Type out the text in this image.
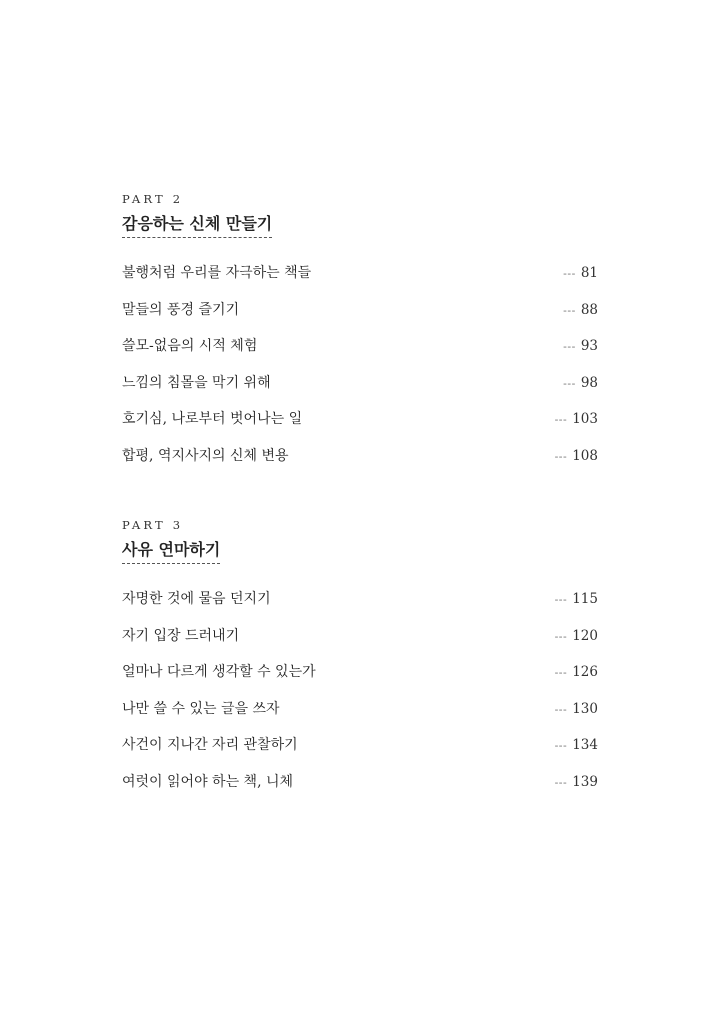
PART 2
감응하는 신체 만들기
불행처럼 우리를 자극하는 책들	--- 81
말들의 풍경 즐기기	--- 88
쓸모-없음의 시적 체험	--- 93
느낌의 침몰을 막기 위해	--- 98
호기심, 나로부터 벗어나는 일	--- 103
합평, 역지사지의 신체 변용	--- 108
PART 3
사유 연마하기
자명한 것에 물음 던지기	--- 115
자기 입장 드러내기	--- 120
얼마나 다르게 생각할 수 있는가	--- 126
나만 쓸 수 있는 글을 쓰자	--- 130
사건이 지나간 자리 관찰하기	--- 134
여럿이 읽어야 하는 책, 니체	--- 139
